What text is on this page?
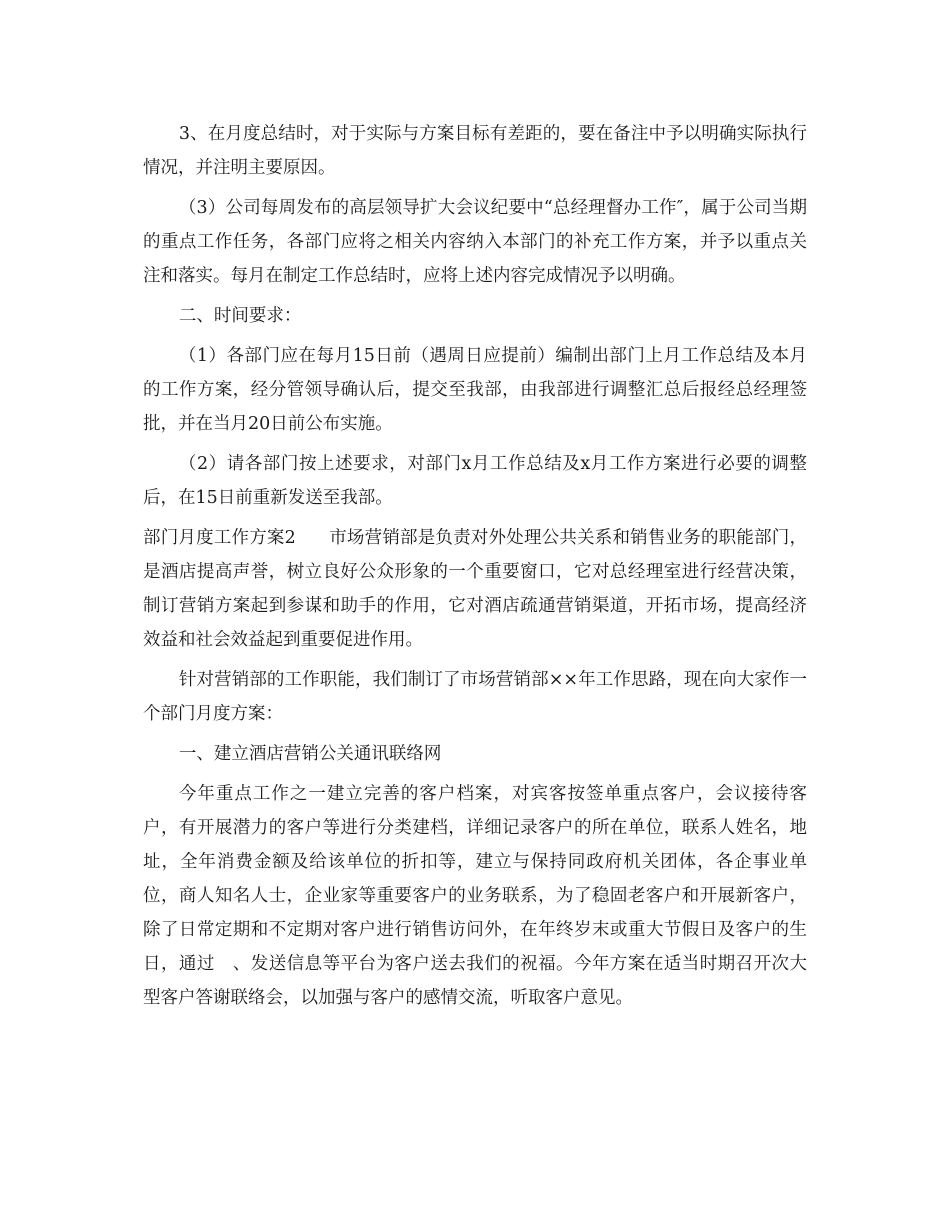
3、在月度总结时，对于实际与方案目标有差距的，要在备注中予以明确实际执行情况，并注明主要原因。

（3）公司每周发布的高层领导扩大会议纪要中“总经理督办工作″，属于公司当期的重点工作任务，各部门应将之相关内容纳入本部门的补充工作方案，并予以重点关注和落实。每月在制定工作总结时，应将上述内容完成情况予以明确。

二、时间要求：

（1）各部门应在每月15日前（遇周日应提前）编制出部门上月工作总结及本月的工作方案，经分管领导确认后，提交至我部，由我部进行调整汇总后报经总经理签批，并在当月20日前公布实施。

（2）请各部门按上述要求，对部门x月工作总结及x月工作方案进行必要的调整后，在15日前重新发送至我部。

部门月度工作方案2 市场营销部是负责对外处理公共关系和销售业务的职能部门，是酒店提高声誉，树立良好公众形象的一个重要窗口，它对总经理室进行经营决策，制订营销方案起到参谋和助手的作用，它对酒店疏通营销渠道，开拓市场，提高经济效益和社会效益起到重要促进作用。

针对营销部的工作职能，我们制订了市场营销部××年工作思路，现在向大家作一个部门月度方案：

一、建立酒店营销公关通讯联络网

今年重点工作之一建立完善的客户档案，对宾客按签单重点客户，会议接待客户，有开展潜力的客户等进行分类建档，详细记录客户的所在单位，联系人姓名，地址，全年消费金额及给该单位的折扣等，建立与保持同政府机关团体，各企事业单位，商人知名人士，企业家等重要客户的业务联系，为了稳固老客户和开展新客户，除了日常定期和不定期对客户进行销售访问外，在年终岁末或重大节假日及客户的生日，通过　、发送信息等平台为客户送去我们的祝福。今年方案在适当时期召开次大型客户答谢联络会，以加强与客户的感情交流，听取客户意见。
